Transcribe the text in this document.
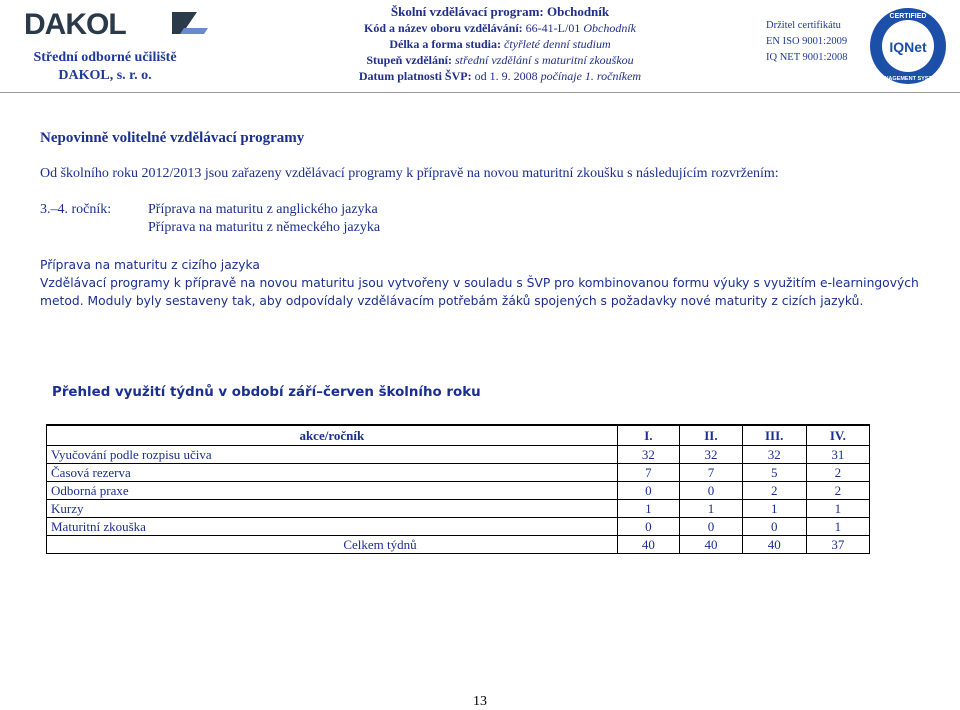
DAKOL
Střední odborné učiliště
DAKOL, s. r. o.
Školní vzdělávací program: Obchodník
Kód a název oboru vzdělávání: 66-41-L/01 Obchodník
Délka a forma studia: čtyřleté denní studium
Stupeň vzdělání: střední vzdělání s maturitní zkouškou
Datum platnosti ŠVP: od 1. 9. 2008 počínaje 1. ročníkem
Držitel certifikátu
EN ISO 9001:2009
IQ NET 9001:2008
IQNet
CERTIFIED
MANAGEMENT SYSTEM
Nepovinně volitelné vzdělávací programy
Od školního roku 2012/2013 jsou zařazeny vzdělávací programy k přípravě na novou maturitní zkoušku s následujícím rozvržením:
3.–4. ročník:	Příprava na maturitu z anglického jazyka
Příprava na maturitu z německého jazyka
Příprava na maturitu z cizího jazyka
Vzdělávací programy k přípravě na novou maturitu jsou vytvořeny v souladu s ŠVP pro kombinovanou formu výuky s využitím e-learningových metod. Moduly byly sestaveny tak, aby odpovídaly vzdělávacím potřebám žáků spojených s požadavky nové maturity z cizích jazyků.
Přehled využití týdnů v období září–červen školního roku
akce/ročník	I.	II.	III.	IV.
Vyučování podle rozpisu učiva	32	32	32	31
Časová rezerva	7	7	5	2
Odborná praxe	0	0	2	2
Kurzy	1	1	1	1
Maturitní zkouška	0	0	0	1
Celkem týdnů	40	40	40	37
13
